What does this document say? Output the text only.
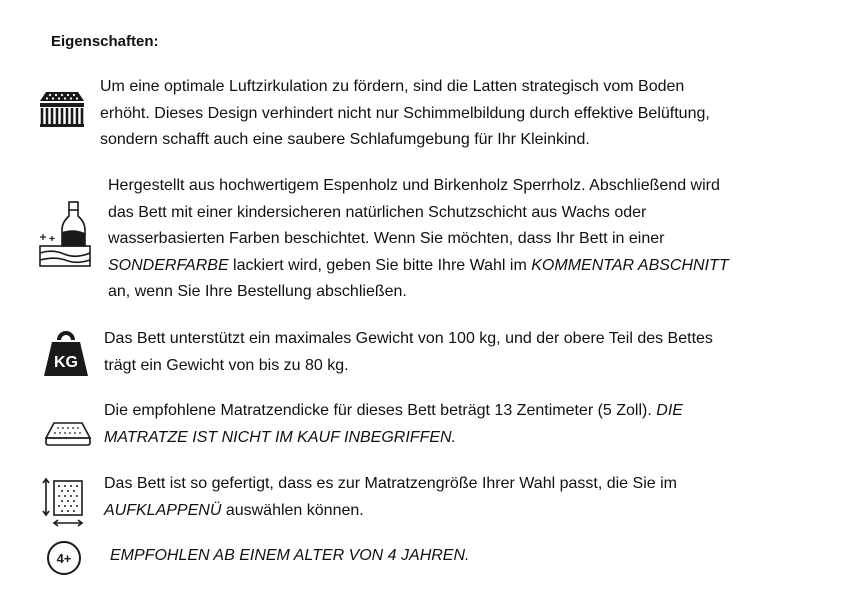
Eigenschaften:
Um eine optimale Luftzirkulation zu fördern, sind die Latten strategisch vom Boden
erhöht. Dieses Design verhindert nicht nur Schimmelbildung durch effektive Belüftung,
sondern schafft auch eine saubere Schlafumgebung für Ihr Kleinkind.
Hergestellt aus hochwertigem Espenholz und Birkenholz Sperrholz. Abschließend wird
das Bett mit einer kindersicheren natürlichen Schutzschicht aus Wachs oder
wasserbasierten Farben beschichtet. Wenn Sie möchten, dass Ihr Bett in einer
SONDERFARBE lackiert wird, geben Sie bitte Ihre Wahl im KOMMENTAR ABSCHNITT
an, wenn Sie Ihre Bestellung abschließen.
KG
Das Bett unterstützt ein maximales Gewicht von 100 kg, und der obere Teil des Bettes
trägt ein Gewicht von bis zu 80 kg.
Die empfohlene Matratzendicke für dieses Bett beträgt 13 Zentimeter (5 Zoll). DIE
MATRATZE IST NICHT IM KAUF INBEGRIFFEN.
Das Bett ist so gefertigt, dass es zur Matratzengröße Ihrer Wahl passt, die Sie im
AUFKLAPPENÜ auswählen können.
4+ EMPFOHLEN AB EINEM ALTER VON 4 JAHREN.
